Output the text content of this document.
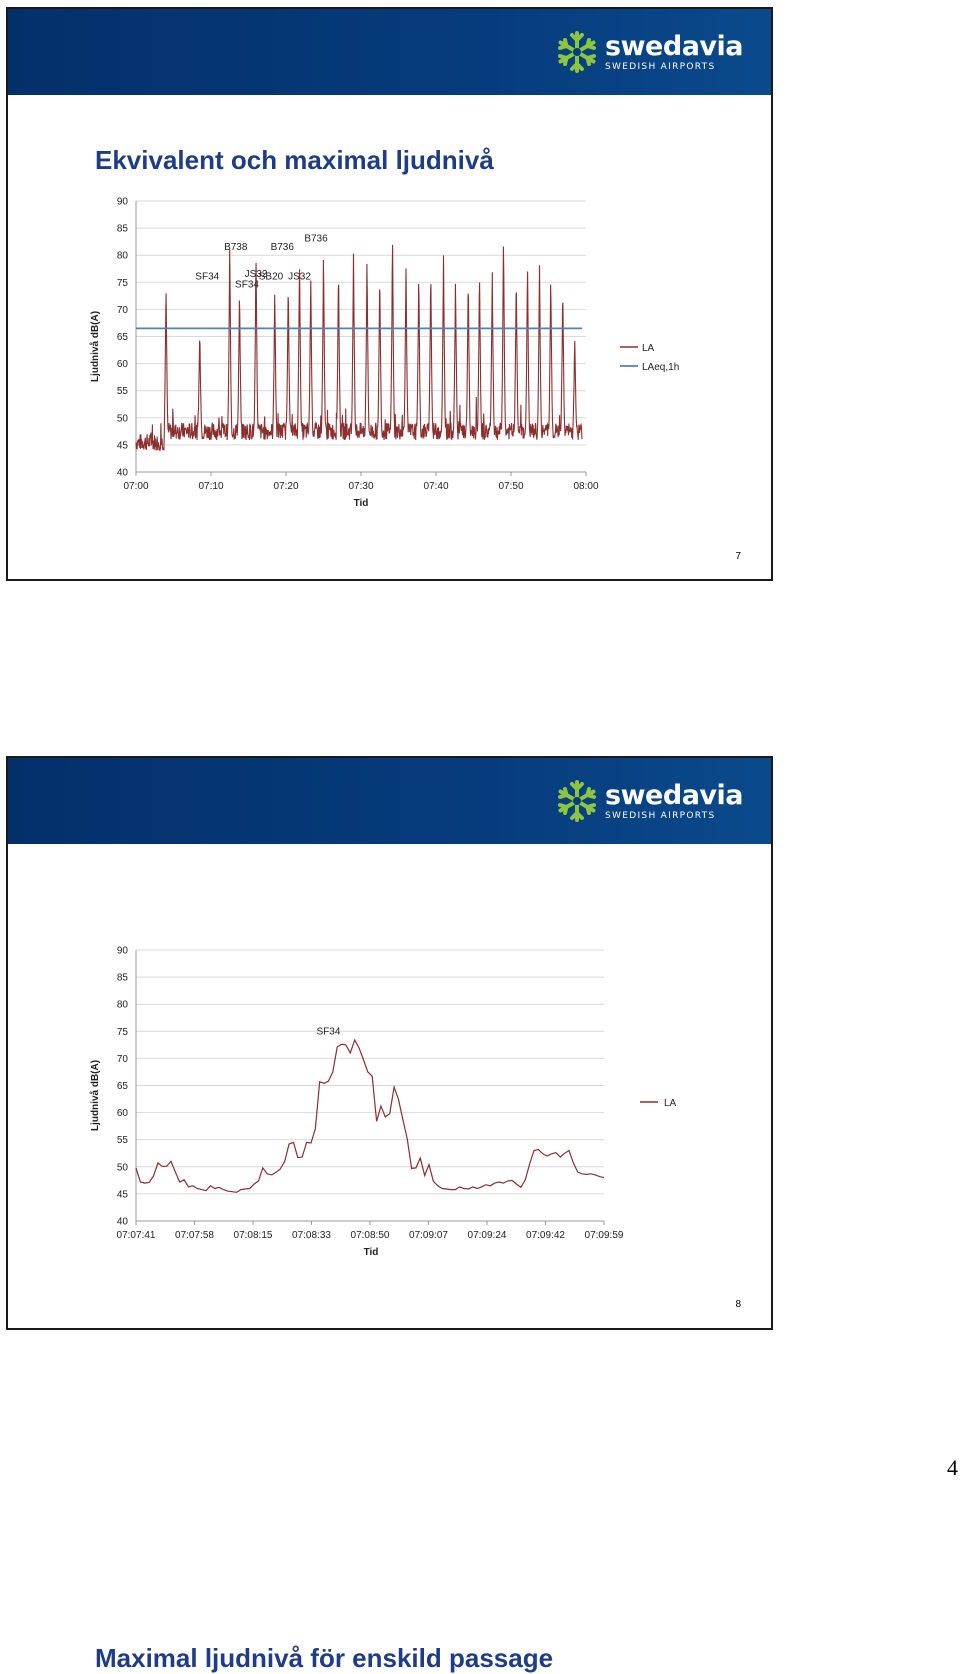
swedavia
SWEDISH AIRPORTS
Ekvivalent och maximal ljudnivå
40
45
50
55
60
65
70
75
80
85
90
Ljudnivå dB(A)
07:00	07:10	07:20	07:30	07:40	07:50	08:00
Tid
SF34
B738 B736
B736
JS32
SB20
SF34
JS32
LA
LAeq,1h
7
swedavia
SWEDISH AIRPORTS
Maximal ljudnivå för enskild passage
40
45
50
55
60
65
70
75
80
85
90
Ljudnivå dB(A)
07:07:41 07:07:58 07:08:15 07:08:33 07:08:50 07:09:07 07:09:24 07:09:42 07:09:59
Tid
SF34
LA
8
4
